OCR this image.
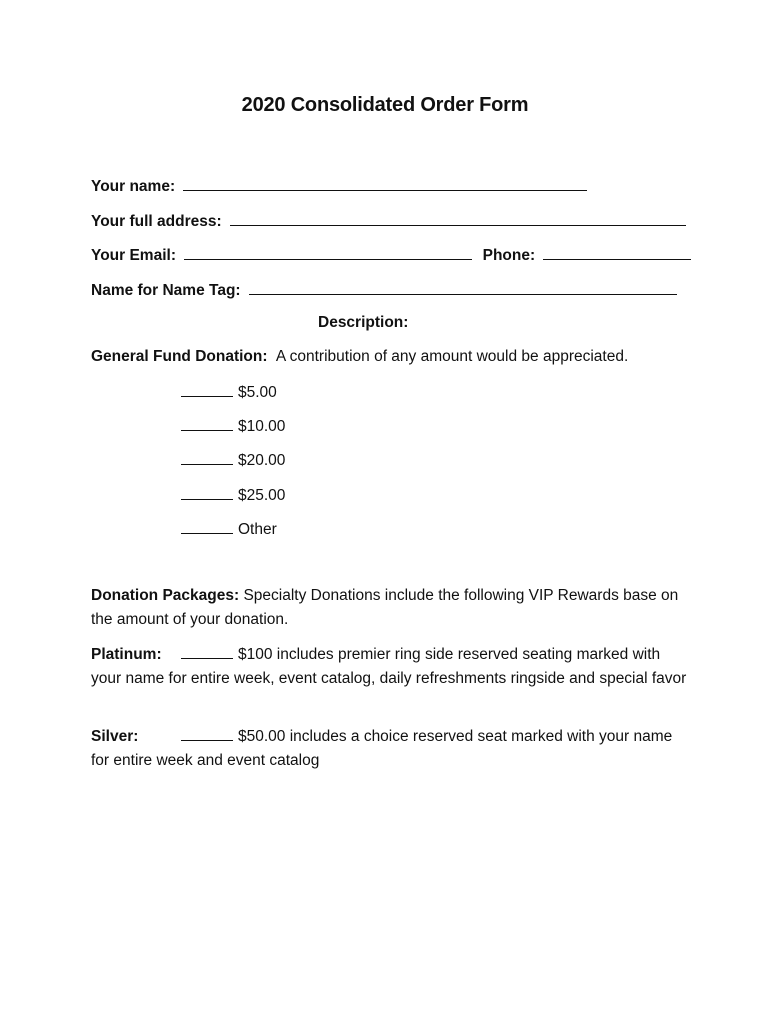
2020 Consolidated Order Form
Your name:
Your full address:
Your Email:	Phone:
Name for Name Tag:
Description:
General Fund Donation: A contribution of any amount would be appreciated.
$5.00
$10.00
$20.00
$25.00
Other
Donation Packages: Specialty Donations include the following VIP Rewards base on the amount of your donation.
Platinum:	$100 includes premier ring side reserved seating marked with your name for entire week, event catalog, daily refreshments ringside and special favor
Silver:	$50.00 includes a choice reserved seat marked with your name for entire week and event catalog
